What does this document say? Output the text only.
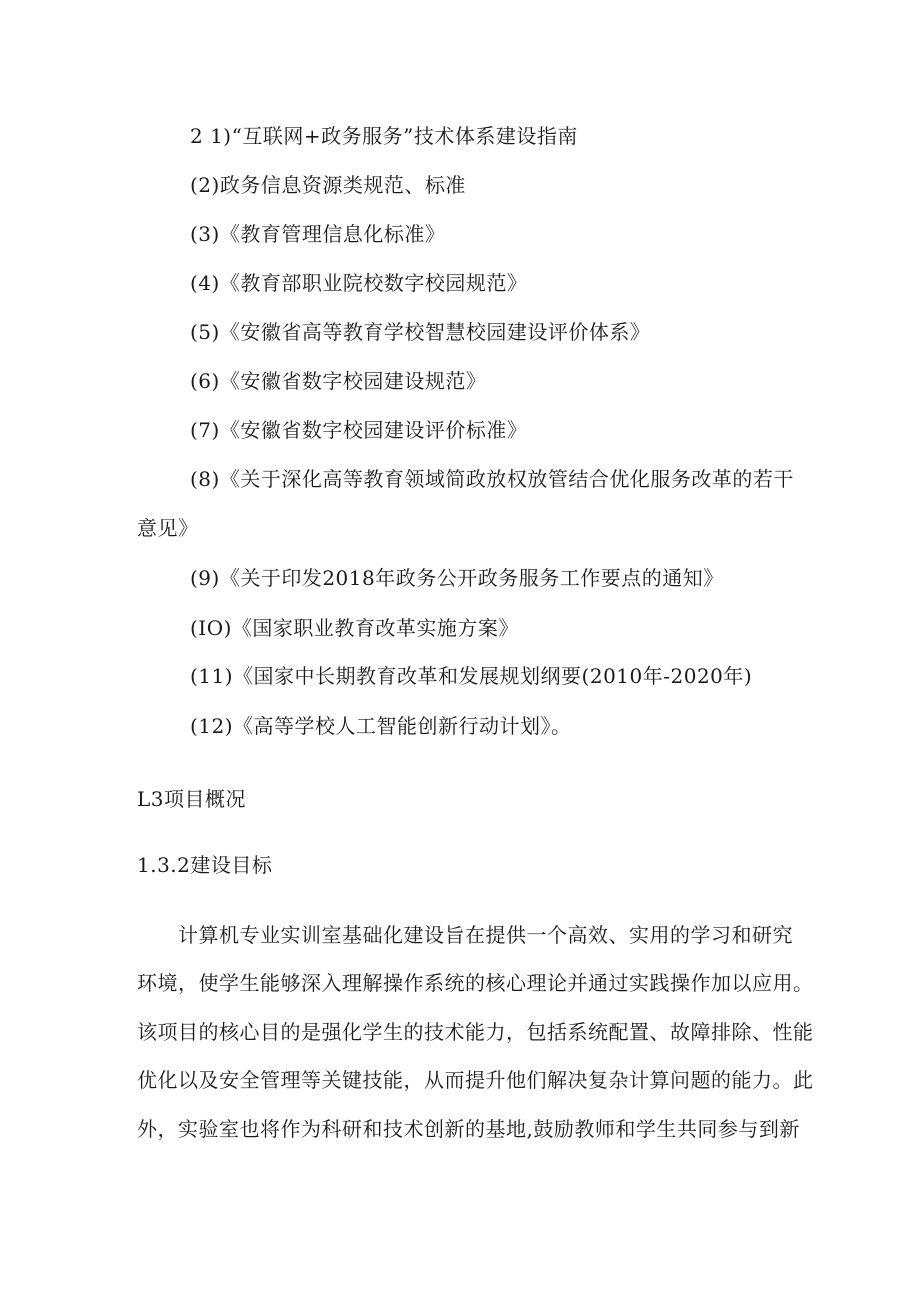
2 1)“互联网+政务服务”技术体系建设指南
(2)政务信息资源类规范、标准
(3)《教育管理信息化标准》
(4)《教育部职业院校数字校园规范》
(5)《安徽省高等教育学校智慧校园建设评价体系》
(6)《安徽省数字校园建设规范》
(7)《安徽省数字校园建设评价标准》
(8)《关于深化高等教育领域简政放权放管结合优化服务改革的若干
意见》
(9)《关于印发2018年政务公开政务服务工作要点的通知》
(IO)《国家职业教育改革实施方案》
(11)《国家中长期教育改革和发展规划纲要(2010年-2020年)
(12)《高等学校人工智能创新行动计划》。
L3项目概况
1.3.2建设目标
计算机专业实训室基础化建设旨在提供一个高效、实用的学习和研究
环境，使学生能够深入理解操作系统的核心理论并通过实践操作加以应用。
该项目的核心目的是强化学生的技术能力，包括系统配置、故障排除、性能
优化以及安全管理等关键技能，从而提升他们解决复杂计算问题的能力。此
外，实验室也将作为科研和技术创新的基地,鼓励教师和学生共同参与到新
